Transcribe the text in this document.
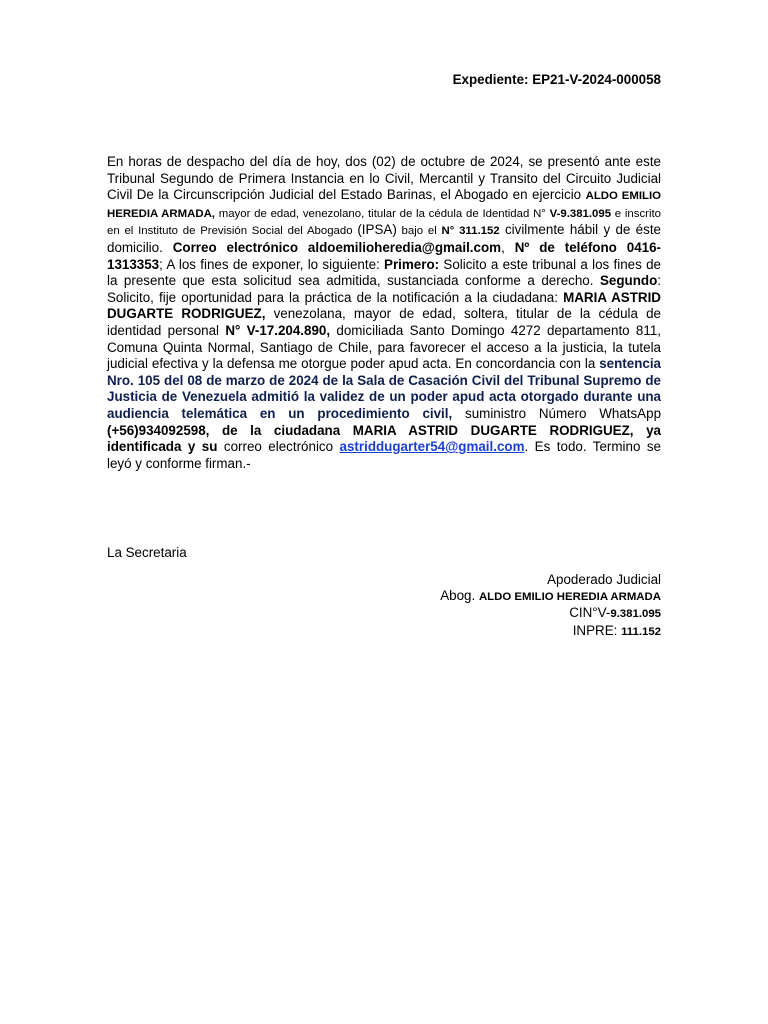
Expediente: EP21-V-2024-000058

En horas de despacho del día de hoy, dos (02) de octubre de 2024, se presentó ante este Tribunal Segundo de Primera Instancia en lo Civil, Mercantil y Transito del Circuito Judicial Civil De la Circunscripción Judicial del Estado Barinas, el Abogado en ejercicio ALDO EMILIO HEREDIA ARMADA, mayor de edad, venezolano, titular de la cédula de Identidad N° V-9.381.095 e inscrito en el Instituto de Previsión Social del Abogado (IPSA) bajo el N° 311.152 civilmente hábil y de éste domicilio. Correo electrónico aldoemilioheredia@gmail.com, Nº de teléfono 0416-1313353; A los fines de exponer, lo siguiente: Primero: Solicito a este tribunal a los fines de la presente que esta solicitud sea admitida, sustanciada conforme a derecho. Segundo: Solicito, fije oportunidad para la práctica de la notificación a la ciudadana: MARIA ASTRID DUGARTE RODRIGUEZ, venezolana, mayor de edad, soltera, titular de la cédula de identidad personal N° V-17.204.890, domiciliada Santo Domingo 4272 departamento 811, Comuna Quinta Normal, Santiago de Chile, para favorecer el acceso a la justicia, la tutela judicial efectiva y la defensa me otorgue poder apud acta. En concordancia con la sentencia Nro. 105 del 08 de marzo de 2024 de la Sala de Casación Civil del Tribunal Supremo de Justicia de Venezuela admitió la validez de un poder apud acta otorgado durante una audiencia telemática en un procedimiento civil, suministro Número WhatsApp (+56)934092598, de la ciudadana MARIA ASTRID DUGARTE RODRIGUEZ, ya identificada y su correo electrónico astriddugarter54@gmail.com. Es todo. Termino se leyó y conforme firman.-

La Secretaria
Apoderado Judicial
Abog. ALDO EMILIO HEREDIA ARMADA
CIN°V-9.381.095
INPRE: 111.152
